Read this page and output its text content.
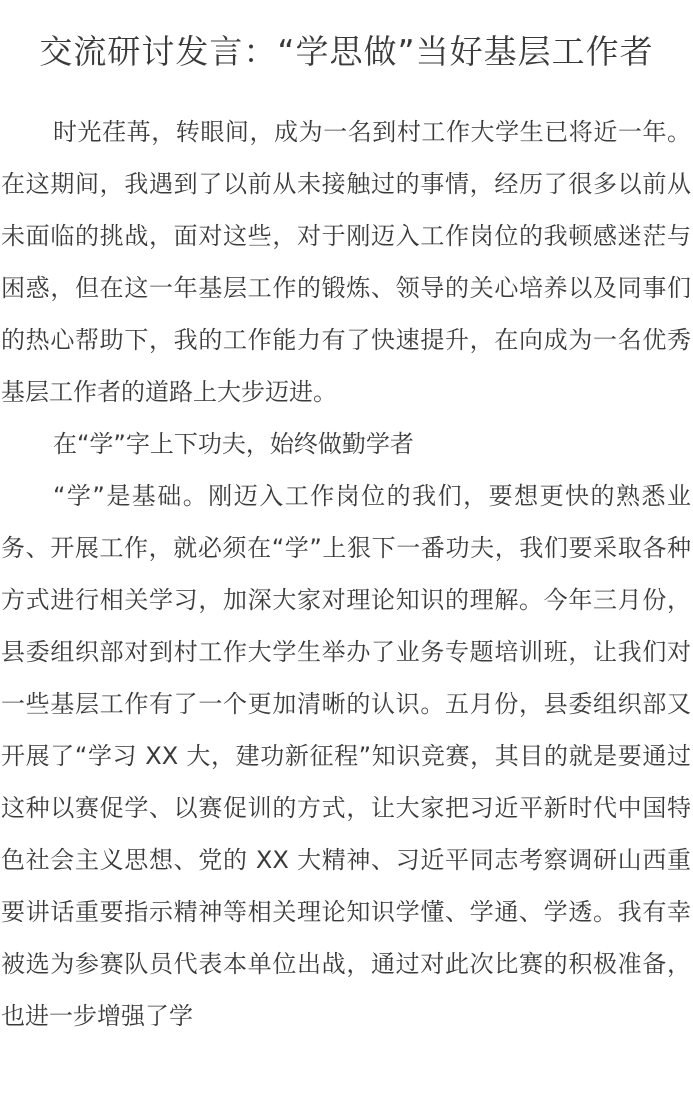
交流研讨发言：“学思做”当好基层工作者

时光荏苒，转眼间，成为一名到村工作大学生已将近一年。在这期间，我遇到了以前从未接触过的事情，经历了很多以前从未面临的挑战，面对这些，对于刚迈入工作岗位的我顿感迷茫与困惑，但在这一年基层工作的锻炼、领导的关心培养以及同事们的热心帮助下，我的工作能力有了快速提升，在向成为一名优秀基层工作者的道路上大步迈进。

在“学”字上下功夫，始终做勤学者

“学”是基础。刚迈入工作岗位的我们，要想更快的熟悉业务、开展工作，就必须在“学”上狠下一番功夫，我们要采取各种方式进行相关学习，加深大家对理论知识的理解。今年三月份，县委组织部对到村工作大学生举办了业务专题培训班，让我们对一些基层工作有了一个更加清晰的认识。五月份，县委组织部又开展了“学习 XX 大，建功新征程”知识竞赛，其目的就是要通过这种以赛促学、以赛促训的方式，让大家把习近平新时代中国特色社会主义思想、党的 XX 大精神、习近平同志考察调研山西重要讲话重要指示精神等相关理论知识学懂、学通、学透。我有幸被选为参赛队员代表本单位出战，通过对此次比赛的积极准备，也进一步增强了学
